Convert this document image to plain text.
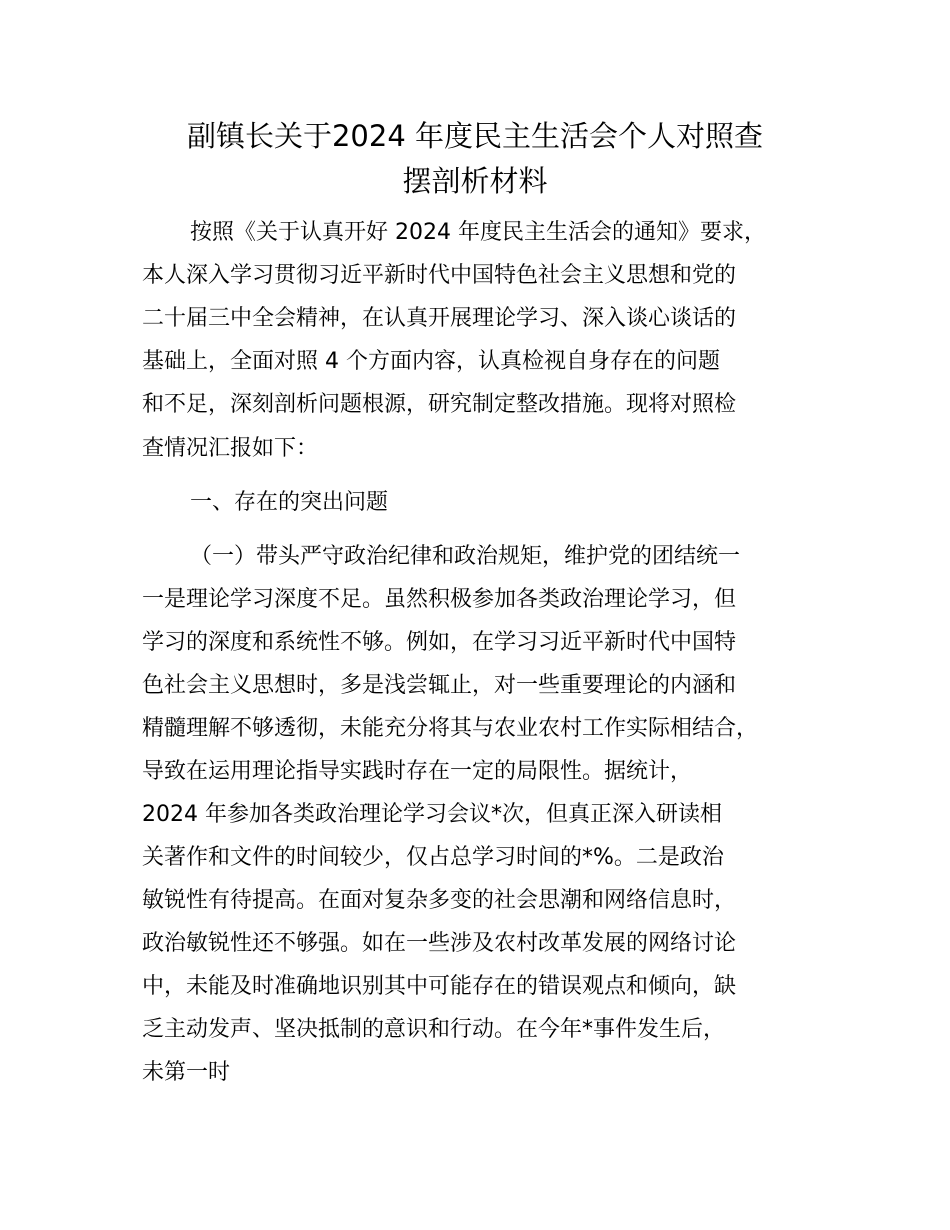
副镇长关于2024 年度民主生活会个人对照查
摆剖析材料
按照《关于认真开好 2024 年度民主生活会的通知》要求，
本人深入学习贯彻习近平新时代中国特色社会主义思想和党的
二十届三中全会精神，在认真开展理论学习、深入谈心谈话的
基础上，全面对照 4 个方面内容，认真检视自身存在的问题
和不足，深刻剖析问题根源，研究制定整改措施。现将对照检
查情况汇报如下：
一、存在的突出问题
（一）带头严守政治纪律和政治规矩，维护党的团结统一
一是理论学习深度不足。虽然积极参加各类政治理论学习，但
学习的深度和系统性不够。例如，在学习习近平新时代中国特
色社会主义思想时，多是浅尝辄止，对一些重要理论的内涵和
精髓理解不够透彻，未能充分将其与农业农村工作实际相结合，
导致在运用理论指导实践时存在一定的局限性。据统计，
2024 年参加各类政治理论学习会议*次，但真正深入研读相
关著作和文件的时间较少，仅占总学习时间的*%。二是政治
敏锐性有待提高。在面对复杂多变的社会思潮和网络信息时，
政治敏锐性还不够强。如在一些涉及农村改革发展的网络讨论
中，未能及时准确地识别其中可能存在的错误观点和倾向，缺
乏主动发声、坚决抵制的意识和行动。在今年*事件发生后，
未第一时
